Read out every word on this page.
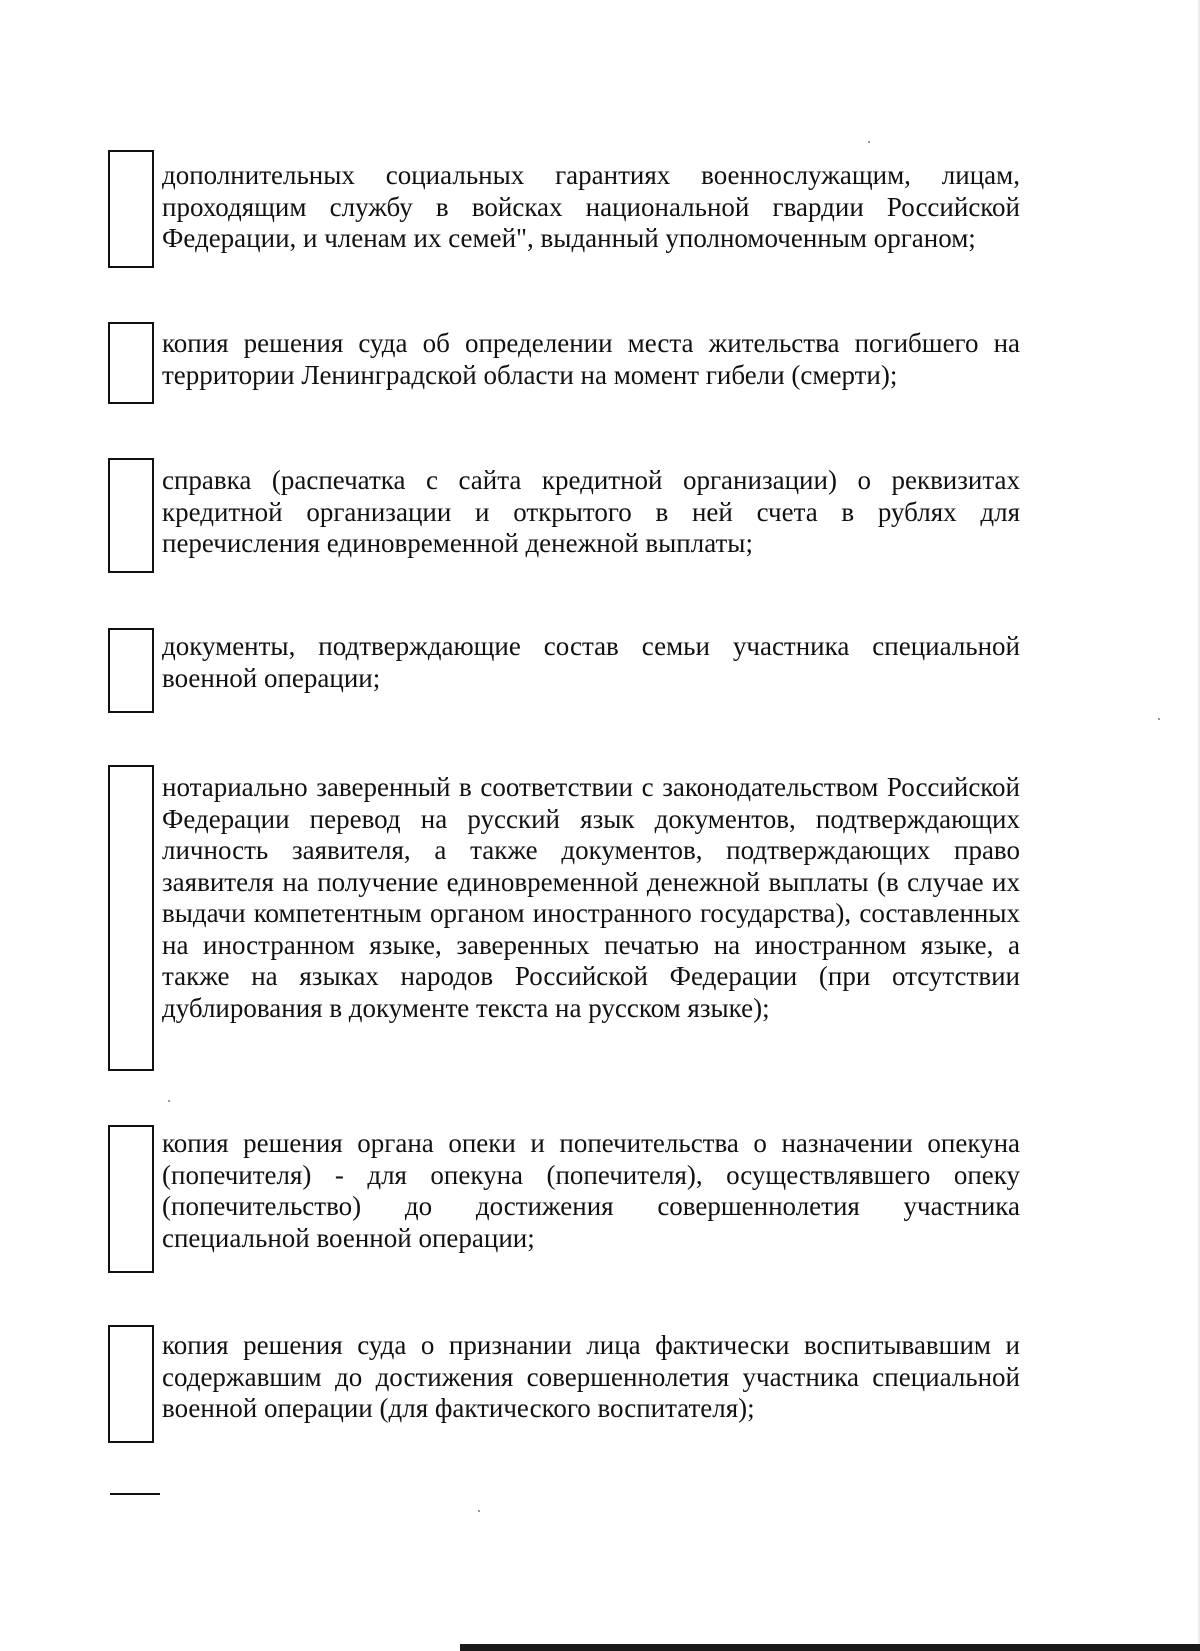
дополнительных социальных гарантиях военнослужащим, лицам, проходящим службу в войсках национальной гвардии Российской Федерации, и членам их семей", выданный уполномоченным органом;
копия решения суда об определении места жительства погибшего на территории Ленинградской области на момент гибели (смерти);
справка (распечатка с сайта кредитной организации) о реквизитах кредитной организации и открытого в ней счета в рублях для перечисления единовременной денежной выплаты;
документы, подтверждающие состав семьи участника специальной военной операции;
нотариально заверенный в соответствии с законодательством Российской Федерации перевод на русский язык документов, подтверждающих личность заявителя, а также документов, подтверждающих право заявителя на получение единовременной денежной выплаты (в случае их выдачи компетентным органом иностранного государства), составленных на иностранном языке, заверенных печатью на иностранном языке, а также на языках народов Российской Федерации (при отсутствии дублирования в документе текста на русском языке);
копия решения органа опеки и попечительства о назначении опекуна (попечителя) - для опекуна (попечителя), осуществлявшего опеку (попечительство) до достижения совершеннолетия участника специальной военной операции;
копия решения суда о признании лица фактически воспитывавшим и содержавшим до достижения совершеннолетия участника специальной военной операции (для фактического воспитателя);
